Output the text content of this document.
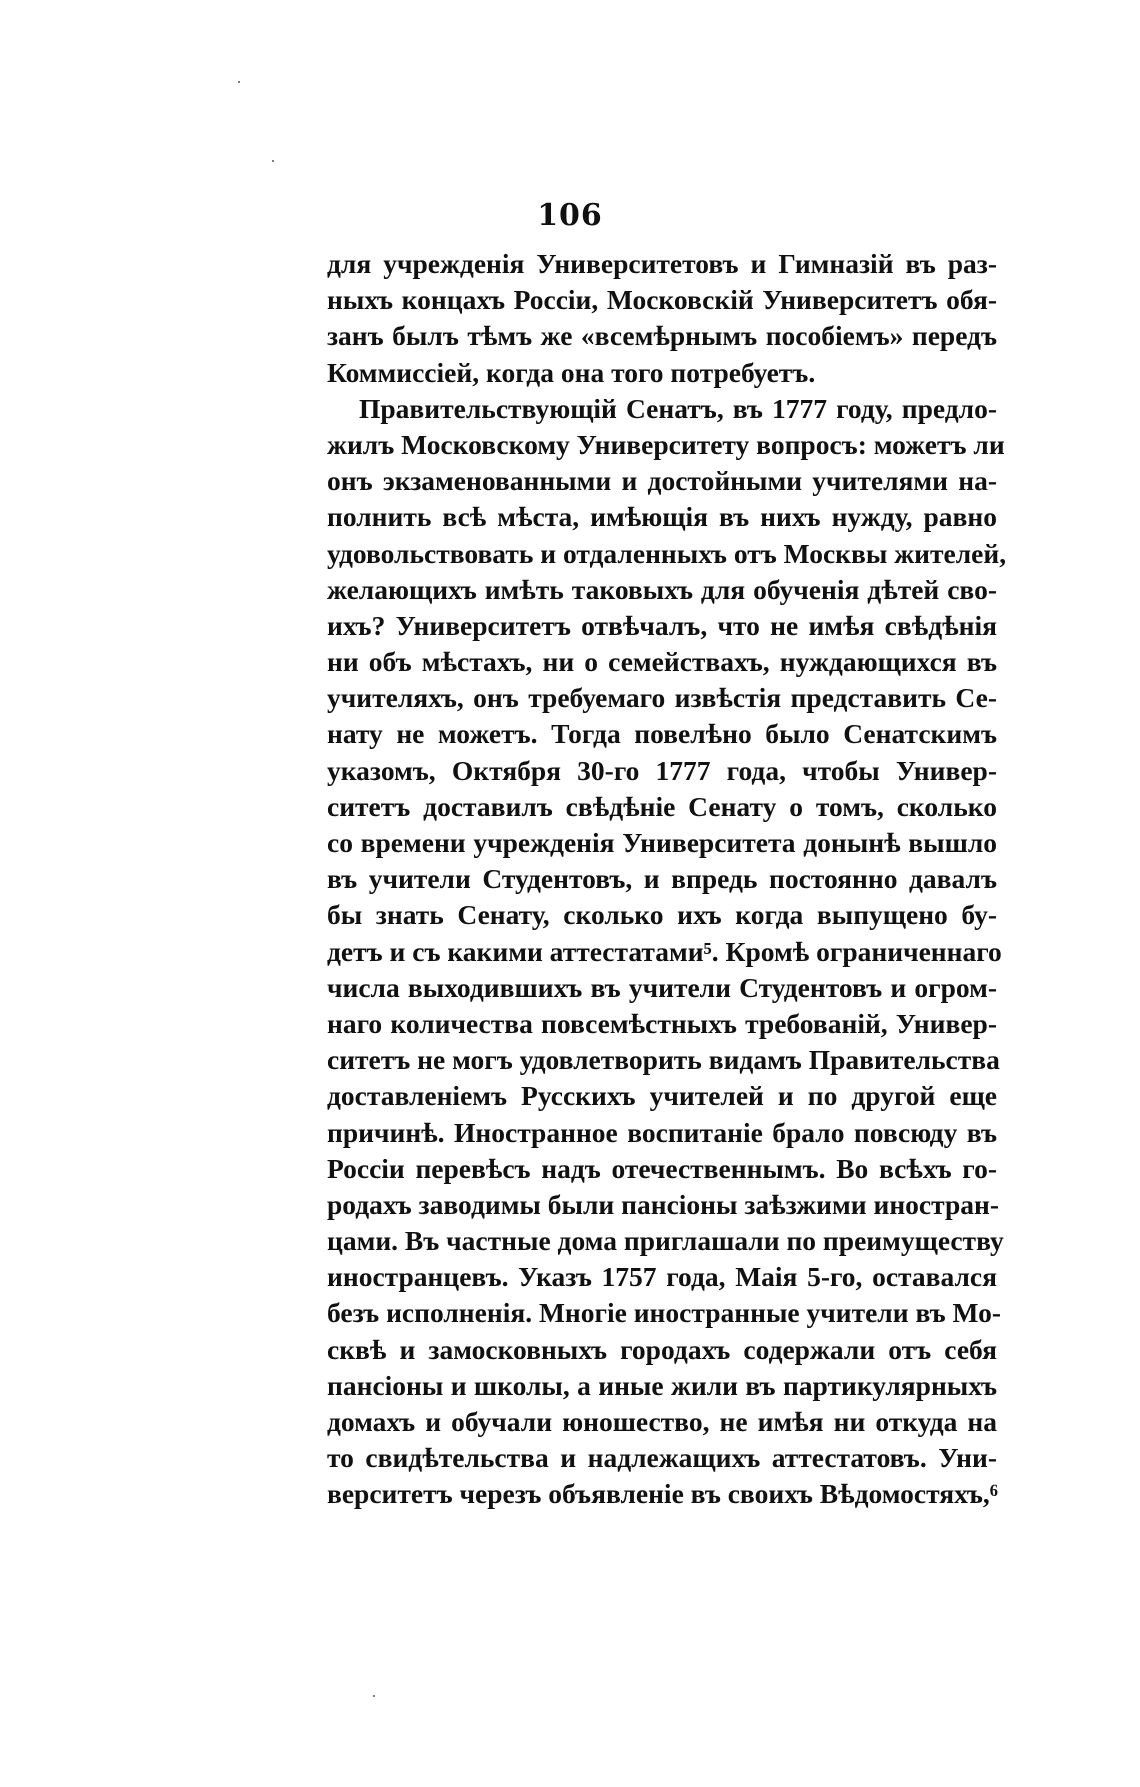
106
для учрежденія Университетовъ и Гимназій въ раз-
ныхъ концахъ Россіи, Московскій Университетъ обя-
занъ былъ тѣмъ же «всемѣрнымъ пособіемъ» передъ
Коммиссіей, когда она того потребуетъ.
Правительствующій Сенатъ, въ 1777 году, предло-
жилъ Московскому Университету вопросъ: можетъ ли
онъ экзаменованными и достойными учителями на-
полнить всѣ мѣста, имѣющія въ нихъ нужду, равно
удовольствовать и отдаленныхъ отъ Москвы жителей,
желающихъ имѣть таковыхъ для обученія дѣтей сво-
ихъ? Университетъ отвѣчалъ, что не имѣя свѣдѣнія
ни объ мѣстахъ, ни о семействахъ, нуждающихся въ
учителяхъ, онъ требуемаго извѣстія представить Се-
нату не можетъ. Тогда повелѣно было Сенатскимъ
указомъ, Октября 30-го 1777 года, чтобы Универ-
ситетъ доставилъ свѣдѣніе Сенату о томъ, сколько
со времени учрежденія Университета донынѣ вышло
въ учители Студентовъ, и впредь постоянно давалъ
бы знать Сенату, сколько ихъ когда выпущено бу-
детъ и съ какими аттестатами⁵. Кромѣ ограниченнаго
числа выходившихъ въ учители Студентовъ и огром-
наго количества повсемѣстныхъ требованій, Универ-
ситетъ не могъ удовлетворить видамъ Правительства
доставленіемъ Русскихъ учителей и по другой еще
причинѣ. Иностранное воспитаніе брало повсюду въ
Россіи перевѣсъ надъ отечественнымъ. Во всѣхъ го-
родахъ заводимы были пансіоны заѣзжими иностран-
цами. Въ частные дома приглашали по преимуществу
иностранцевъ. Указъ 1757 года, Маія 5-го, оставался
безъ исполненія. Многіе иностранные учители въ Мо-
сквѣ и замосковныхъ городахъ содержали отъ себя
пансіоны и школы, а иные жили въ партикулярныхъ
домахъ и обучали юношество, не имѣя ни откуда на
то свидѣтельства и надлежащихъ аттестатовъ. Уни-
верситетъ черезъ объявленіе въ своихъ Вѣдомостяхъ,⁶
